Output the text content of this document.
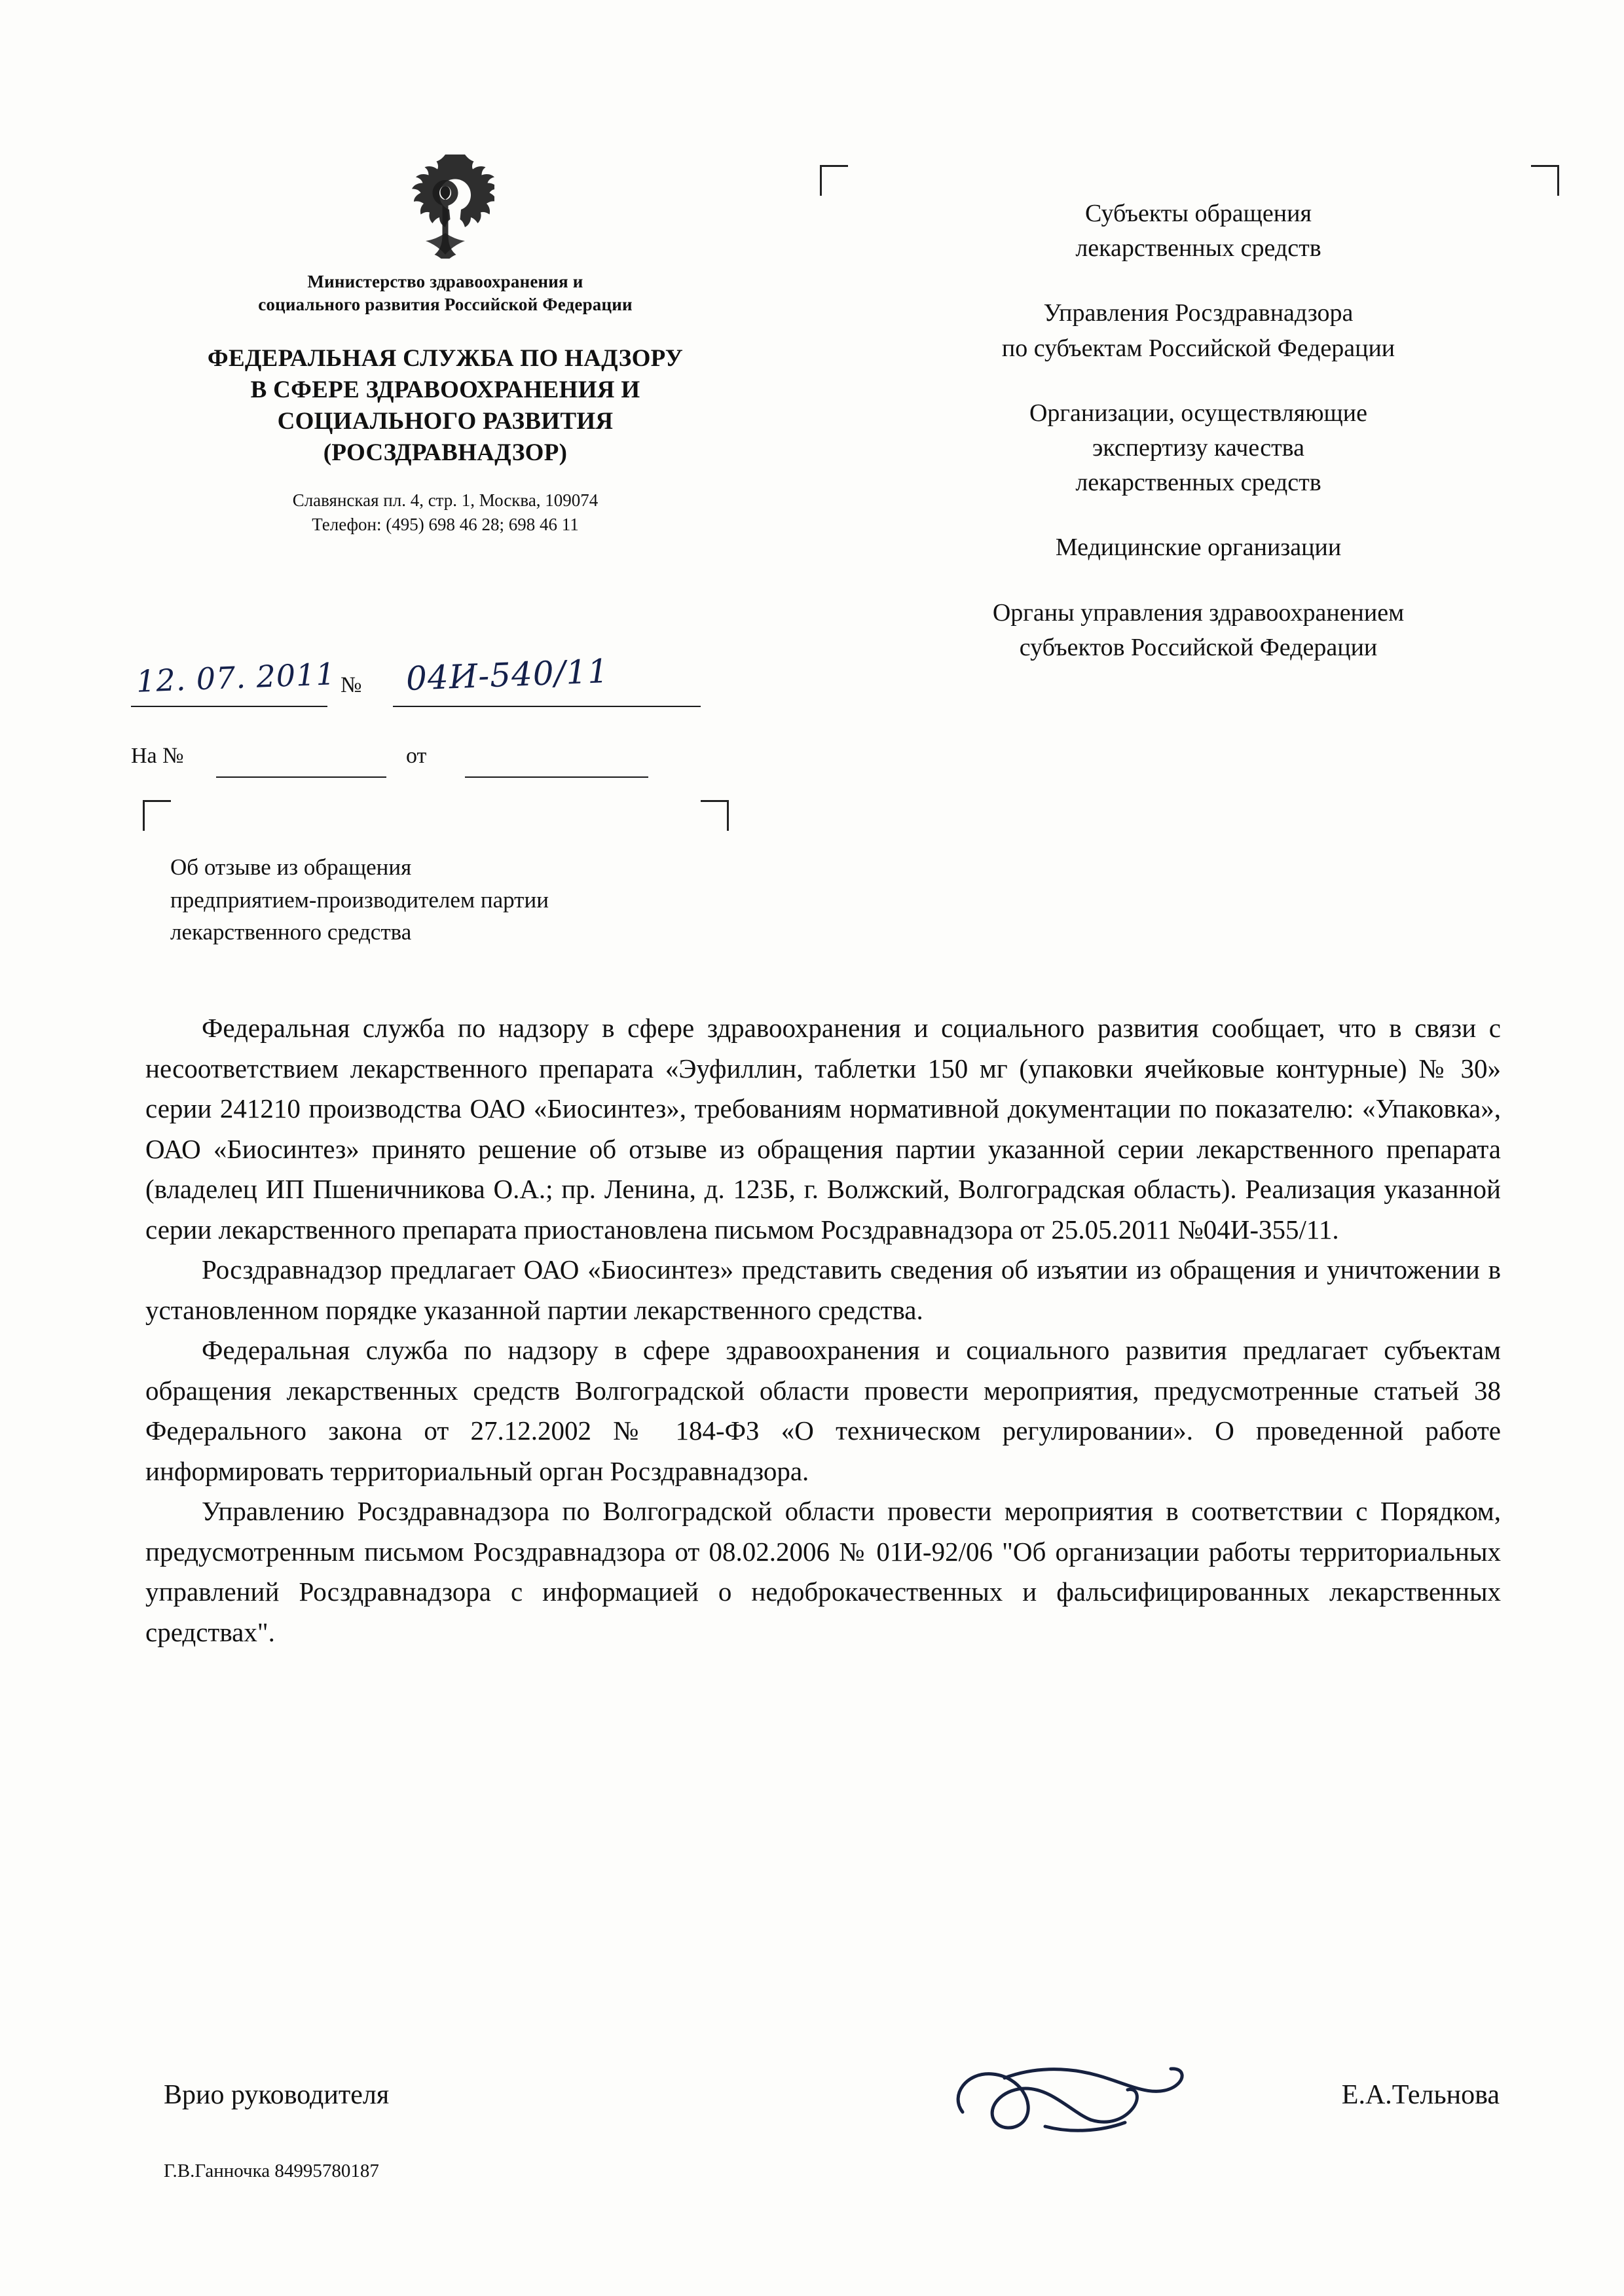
Министерство здравоохранения и
социального развития Российской Федерации
ФЕДЕРАЛЬНАЯ СЛУЖБА ПО НАДЗОРУ
В СФЕРЕ ЗДРАВООХРАНЕНИЯ И
СОЦИАЛЬНОГО РАЗВИТИЯ
(РОСЗДРАВНАДЗОР)
Славянская пл. 4, стр. 1, Москва, 109074
Телефон: (495) 698 46 28; 698 46 11
12. 07. 2011 № 04И-540/11
На №	от
Об отзыве из обращения
предприятием-производителем партии
лекарственного средства

Субъекты обращения
лекарственных средств

Управления Росздравнадзора
по субъектам Российской Федерации

Организации, осуществляющие
экспертизу качества
лекарственных средств

Медицинские организации

Органы управления здравоохранением
субъектов Российской Федерации

Федеральная служба по надзору в сфере здравоохранения и социального развития сообщает, что в связи с несоответствием лекарственного препарата «Эуфиллин, таблетки 150 мг (упаковки ячейковые контурные) № 30» серии 241210 производства ОАО «Биосинтез», требованиям нормативной документации по показателю: «Упаковка», ОАО «Биосинтез» принято решение об отзыве из обращения партии указанной серии лекарственного препарата (владелец ИП Пшеничникова О.А.; пр. Ленина, д. 123Б, г. Волжский, Волгоградская область). Реализация указанной серии лекарственного препарата приостановлена письмом Росздравнадзора от 25.05.2011 №04И-355/11.

Росздравнадзор предлагает ОАО «Биосинтез» представить сведения об изъятии из обращения и уничтожении в установленном порядке указанной партии лекарственного средства.

Федеральная служба по надзору в сфере здравоохранения и социального развития предлагает субъектам обращения лекарственных средств Волгоградской области провести мероприятия, предусмотренные статьей 38 Федерального закона от 27.12.2002 № 184-ФЗ «О техническом регулировании». О проведенной работе информировать территориальный орган Росздравнадзора.

Управлению Росздравнадзора по Волгоградской области провести мероприятия в соответствии с Порядком, предусмотренным письмом Росздравнадзора от 08.02.2006 № 01И-92/06 "Об организации работы территориальных управлений Росздравнадзора с информацией о недоброкачественных и фальсифицированных лекарственных средствах".

Врио руководителя	Е.А.Тельнова
Г.В.Ганночка 84995780187
